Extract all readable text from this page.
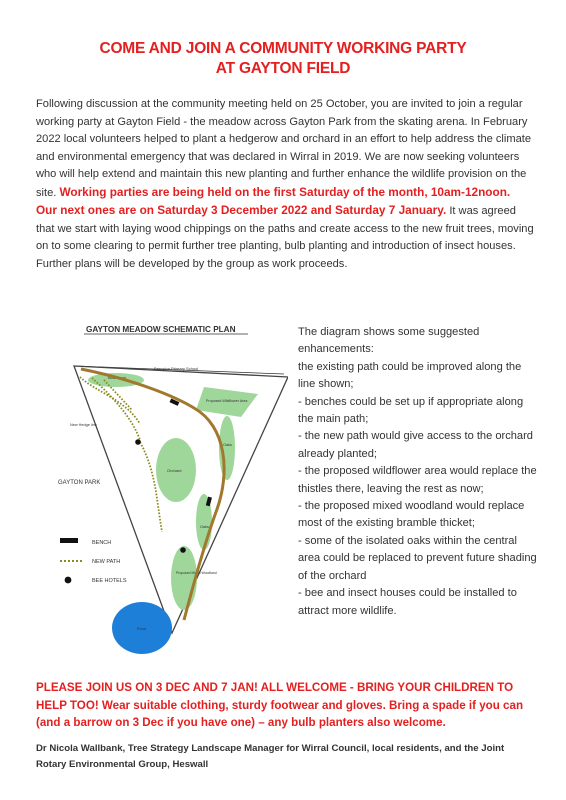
COME AND JOIN A COMMUNITY WORKING PARTY
AT GAYTON FIELD
Following discussion at the community meeting held on 25 October, you are invited to join a regular working party at Gayton Field - the meadow across Gayton Park from the skating arena. In February 2022 local volunteers helped to plant a hedgerow and orchard in an effort to help address the climate and environmental emergency that was declared in Wirral in 2019. We are now seeking volunteers who will help extend and maintain this new planting and further enhance the wildlife provision on the site. Working parties are being held on the first Saturday of the month, 10am-12noon. Our next ones are on Saturday 3 December 2022 and Saturday 7 January. It was agreed that we start with laying wood chippings on the paths and create access to the new fruit trees, moving on to some clearing to permit further tree planting, bulb planting and introduction of insect houses. Further plans will be developed by the group as work proceeds.
GAYTON MEADOW SCHEMATIC PLAN
Barnston Primary School
Blackthorn
Proposed Wildflower Area
Orchard
Oaks
Oaks
Proposed Mixed Woodland
New Hedge line
GAYTON PARK
BENCH
NEW PATH
BEE HOTELS
Pond
The diagram shows some suggested enhancements:
the existing path could be improved along the line shown;
- benches could be set up if appropriate along the main path;
- the new path would give access to the orchard already planted;
- the proposed wildflower area would replace the thistles there, leaving the rest as now;
- the proposed mixed woodland would replace most of the existing bramble thicket;
- some of the isolated oaks within the central area could be replaced to prevent future shading of the orchard
- bee and insect houses could be installed to attract more wildlife.
PLEASE JOIN US ON 3 DEC AND 7 JAN! ALL WELCOME - BRING YOUR CHILDREN TO HELP TOO! Wear suitable clothing, sturdy footwear and gloves. Bring a spade if you can (and a barrow on 3 Dec if you have one) – any bulb planters also welcome.
Dr Nicola Wallbank, Tree Strategy Landscape Manager for Wirral Council, local residents, and the Joint Rotary Environmental Group, Heswall
